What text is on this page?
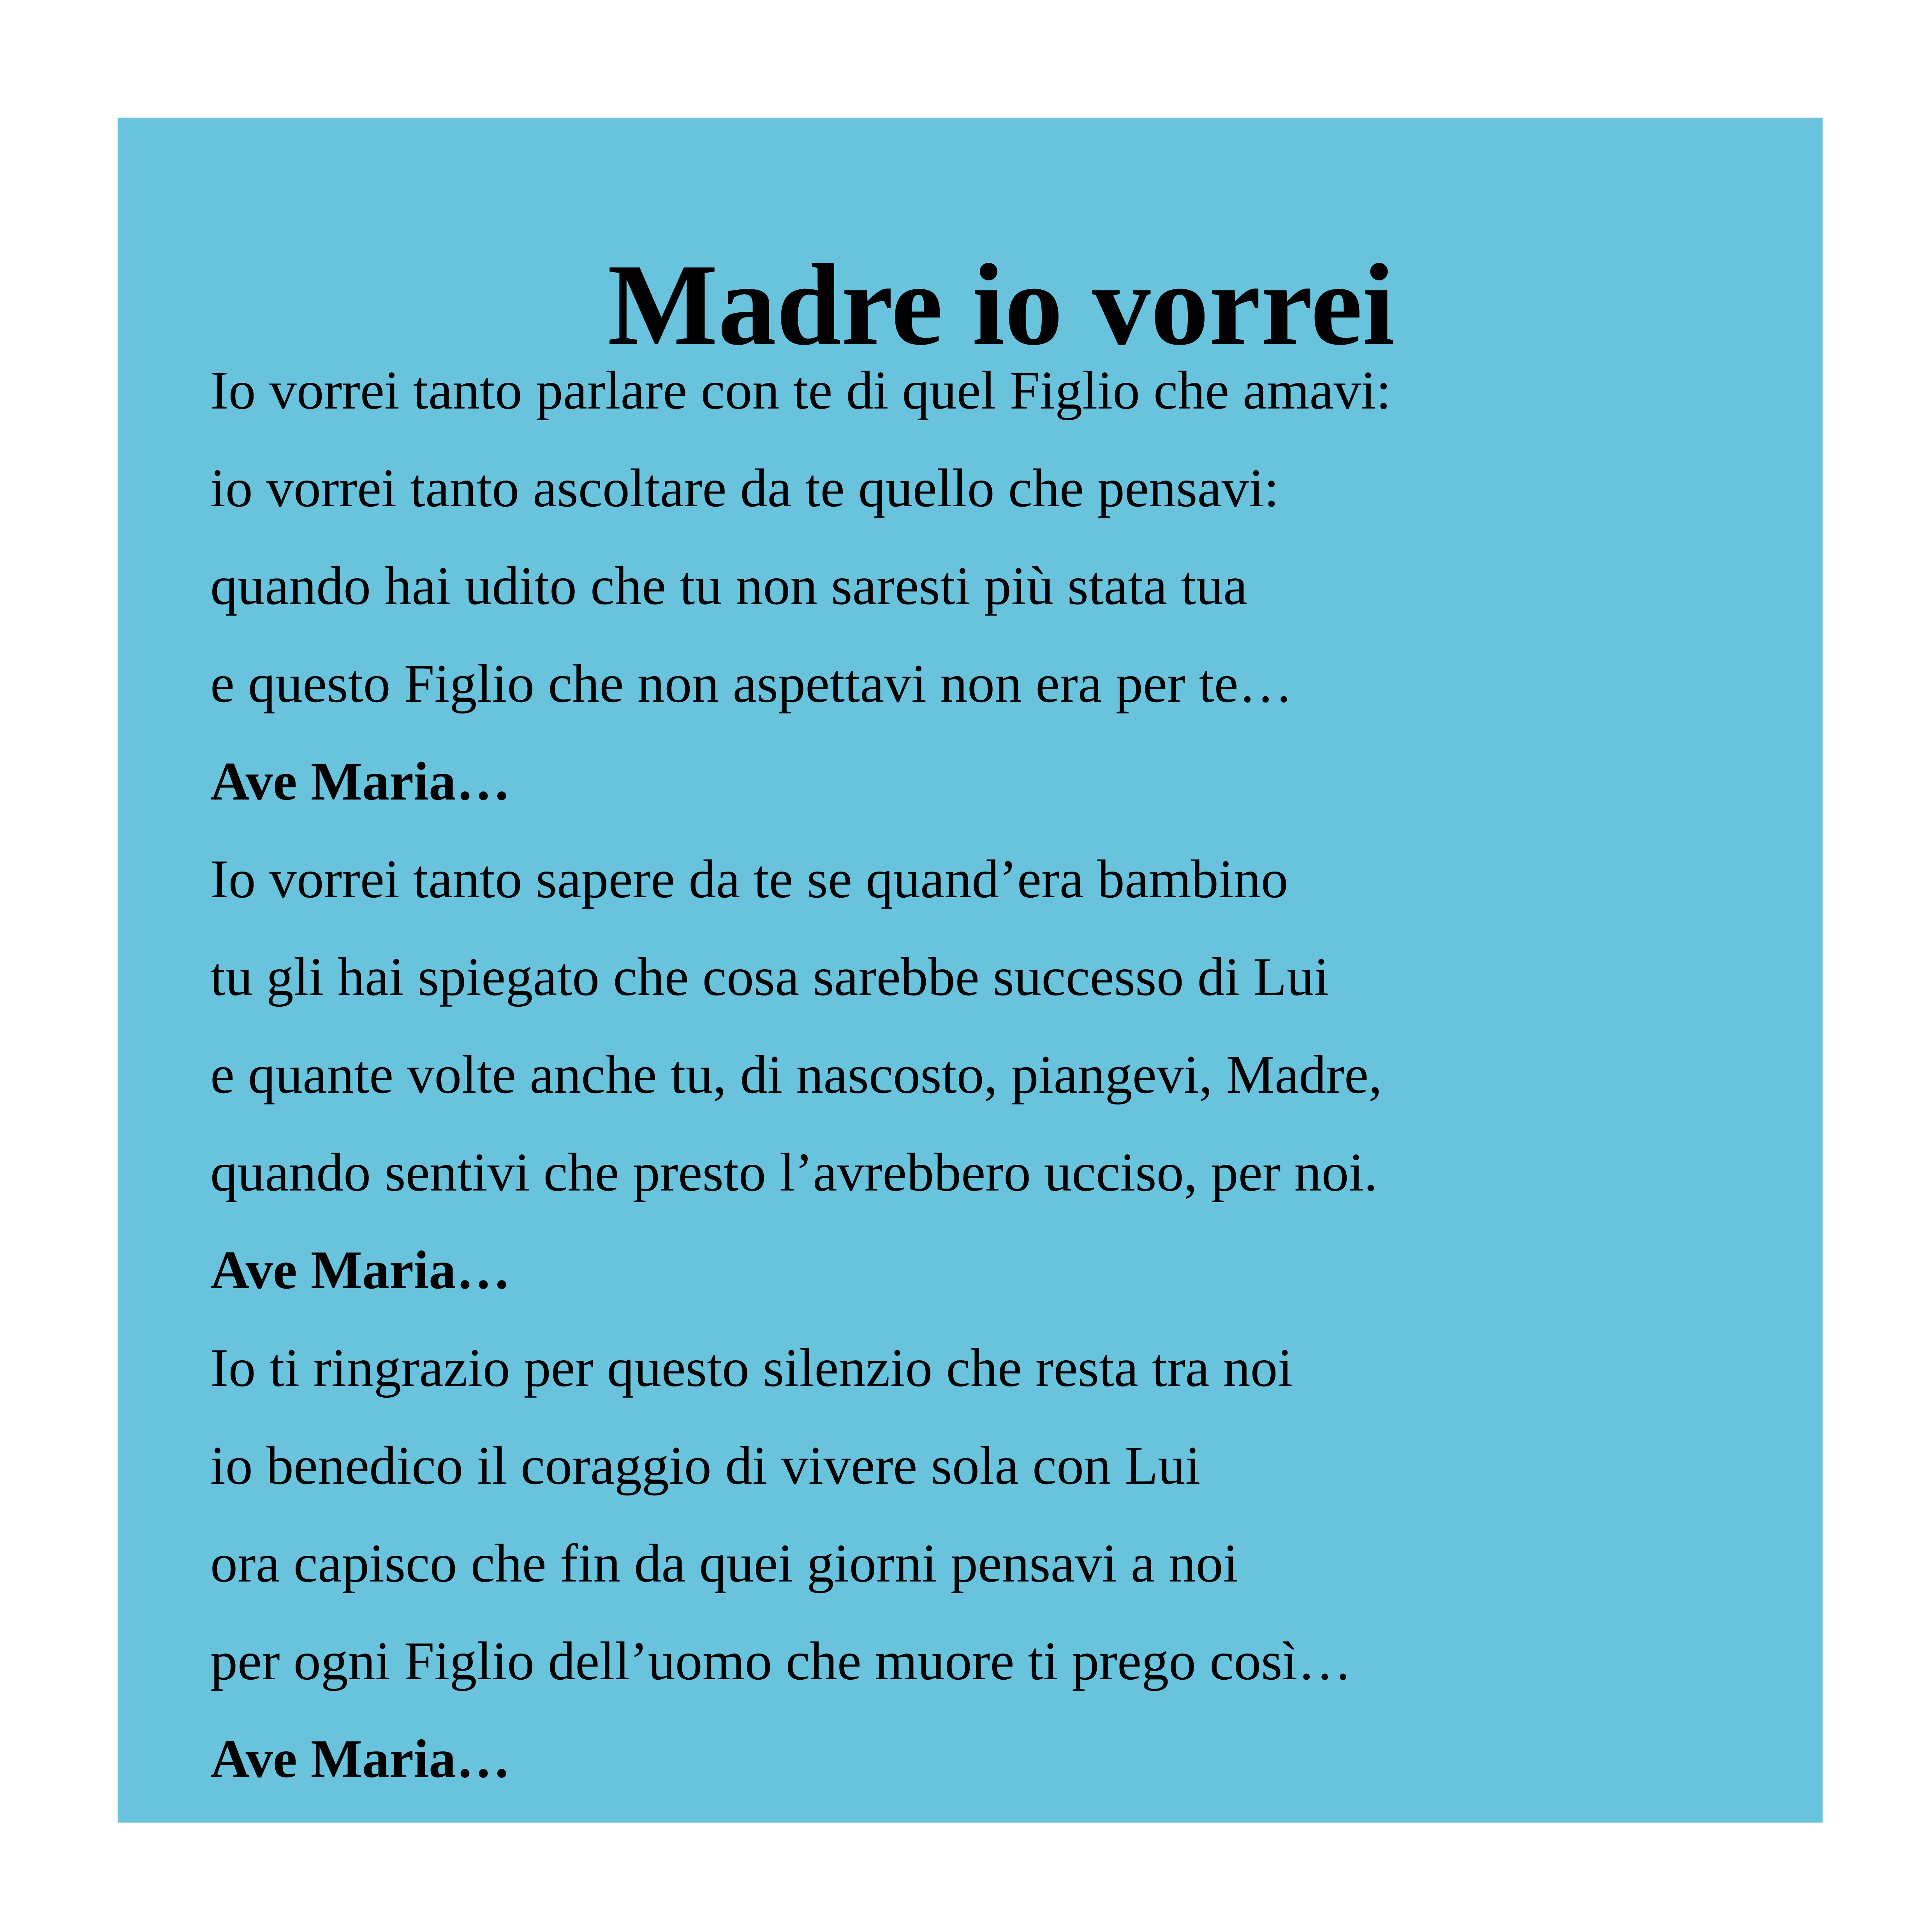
Madre io vorrei
Io vorrei tanto parlare con te di quel Figlio che amavi:
io vorrei tanto ascoltare da te quello che pensavi:
quando hai udito che tu non saresti più stata tua
e questo Figlio che non aspettavi non era per te…
Ave Maria…
Io vorrei tanto sapere da te se quand’era bambino
tu gli hai spiegato che cosa sarebbe successo di Lui
e quante volte anche tu, di nascosto, piangevi, Madre,
quando sentivi che presto l’avrebbero ucciso, per noi.
Ave Maria…
Io ti ringrazio per questo silenzio che resta tra noi
io benedico il coraggio di vivere sola con Lui
ora capisco che fin da quei giorni pensavi a noi
per ogni Figlio dell’uomo che muore ti prego così…
Ave Maria…
